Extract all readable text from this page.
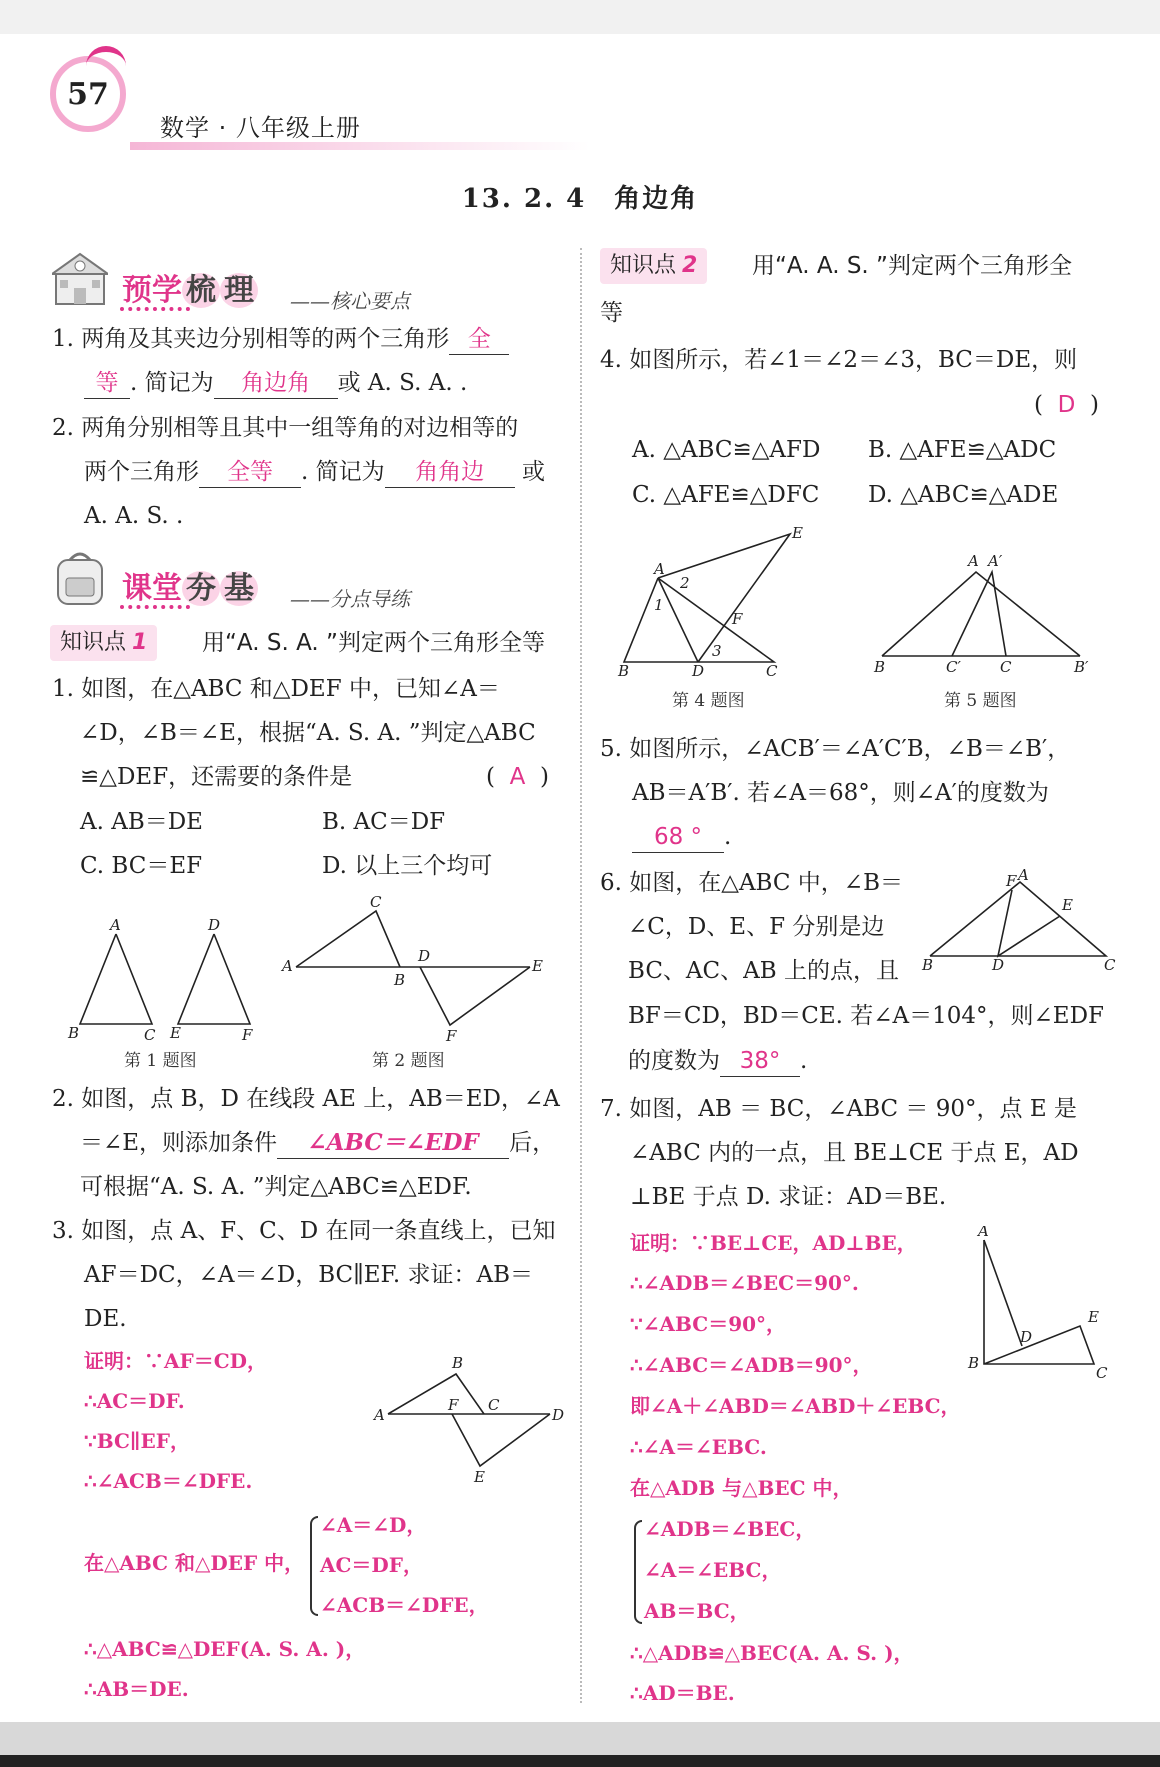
57
数学 · 八年级上册
13. 2. 4　角边角
预学 梳 理 ——核心要点
1. 两角及其夹边分别相等的两个三角形 全
等 . 简记为 角边角 或 A. S. A. .
2. 两角分别相等且其中一组等角的对边相等的
两个三角形 全等 . 简记为 角角边 或
A. A. S. .
课堂 夯 基 ——分点导练
知识点 1	用“A. S. A. ”判定两个三角形全等
1. 如图，在△ABC 和△DEF 中，已知∠A＝
∠D，∠B＝∠E，根据“A. S. A. ”判定△ABC
≌△DEF，还需要的条件是	(  A  )
A. AB＝DE	B. AC＝DF
C. BC＝EF	D. 以上三个均可
A
B	C
D
E	F
第 1 题图
A
B
C
D
E
F
第 2 题图
2. 如图，点 B，D 在线段 AE 上，AB＝ED，∠A
＝∠E，则添加条件 ∠ABC＝∠EDF 后，
可根据“A. S. A. ”判定△ABC≌△EDF.
3. 如图，点 A、F、C、D 在同一条直线上，已知
AF＝DC，∠A＝∠D，BC∥EF. 求证：AB＝
DE.
证明：∵AF＝CD，
∴AC＝DF.
∵BC∥EF，
∴∠ACB＝∠DFE.
在△ABC 和△DEF 中，
∠A＝∠D，
AC＝DF，
∠ACB＝∠DFE，
∴△ABC≌△DEF(A. S. A. )，
∴AB＝DE.
A
B
C
D
E
F
知识点 2	用“A. A. S. ”判定两个三角形全
等
4. 如图所示，若∠1＝∠2＝∠3，BC＝DE，则
(  D  )
A. △ABC≌△AFD B. △AFE≌△ADC
C. △AFE≌△DFC D. △ABC≌△ADE
A
B	C
D
E
F
1
2
3
第 4 题图
A A′
B	C′	C	B′
第 5 题图
5. 如图所示，∠ACB′＝∠A′C′B，∠B＝∠B′，
AB＝A′B′. 若∠A＝68°，则∠A′的度数为
68 ° .
6. 如图，在△ABC 中，∠B＝
∠C，D、E、F 分别是边
BC、AC、AB 上的点，且
BF＝CD，BD＝CE. 若∠A＝104°，则∠EDF
的度数为 38° .
A
B	C
D
E
F
7. 如图，AB ＝ BC，∠ABC ＝ 90°，点 E 是
∠ABC 内的一点，且 BE⊥CE 于点 E，AD
⊥BE 于点 D. 求证：AD＝BE.
证明：∵BE⊥CE，AD⊥BE，
∴∠ADB＝∠BEC＝90°.
∵∠ABC＝90°，
∴∠ABC＝∠ADB＝90°，
即∠A＋∠ABD＝∠ABD＋∠EBC，
∴∠A＝∠EBC.
在△ADB 与△BEC 中，
∠ADB＝∠BEC，
∠A＝∠EBC，
AB＝BC，
∴△ADB≌△BEC(A. A. S. )，
∴AD＝BE.
A
B
C
D
E
